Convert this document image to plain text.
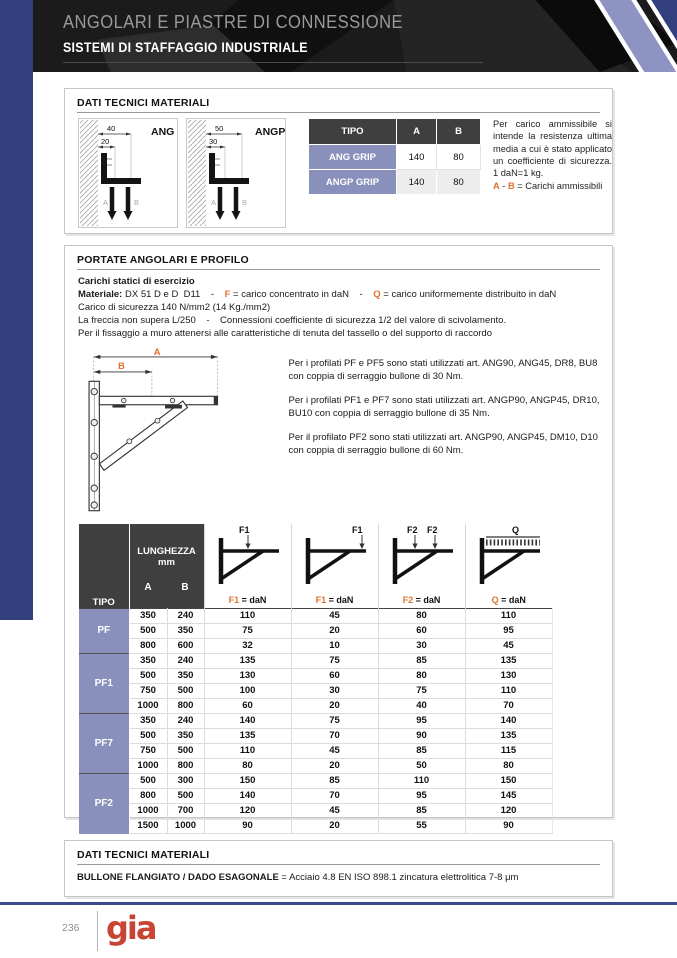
ANGOLARI E PIASTRE DI CONNESSIONE
SISTEMI DI STAFFAGGIO INDUSTRIALE
DATI TECNICI MATERIALI
40
20
ANG
A	B
50
30
ANGP
A	B
TIPO	A	B
ANG GRIP	140	80
ANGP GRIP	140	80
Per carico ammissibile si intende la resistenza ultima media a cui è stato applicato un coefficiente di sicurezza. 1 daN=1 kg.
A - B = Carichi ammissibili
PORTATE ANGOLARI E PROFILO
Carichi statici di esercizio
Materiale: DX 51 D e D  D11    -    F = carico concentrato in daN    -    Q = carico uniformemente distribuito in daN
Carico di sicurezza 140 N/mm2 (14 Kg./mm2)
La freccia non supera L/250    -    Connessioni coefficiente di sicurezza 1/2 del valore di scivolamento.
Per il fissaggio a muro attenersi alle caratteristiche di tenuta del tassello o del supporto di raccordo
A
B	Per i profilati PF e PF5 sono stati utilizzati art. ANG90, ANG45, DR8, BU8 con coppia di serraggio bullone di 30 Nm.

Per i profilati PF1 e PF7 sono stati utilizzati art. ANGP90, ANGP45, DR10, BU10 con coppia di serraggio bullone di 35 Nm.

Per il profilato PF2 sono stati utilizzati art. ANGP90, ANGP45, DM10, D10 con coppia di serraggio bullone di 60 Nm.

TIPO	
LUNGHEZZA
mm
A	B

F1
F1 = daN

F1
F1 = daN

F2 F2
F2 = daN

Q
Q = daN

PF	350	240	110	45	80	110
	500	350	75	20	60	95
	800	600	32	10	30	45
PF1	350	240	135	75	85	135
	500	350	130	60	80	130
	750	500	100	30	75	110
	1000	800	60	20	40	70
PF7	350	240	140	75	95	140
	500	350	135	70	90	135
	750	500	110	45	85	115
	1000	800	80	20	50	80
PF2	500	300	150	85	110	150
	800	500	140	70	95	145
	1000	700	120	45	85	120
	1500	1000	90	20	55	90
DATI TECNICI MATERIALI
BULLONE FLANGIATO / DADO ESAGONALE = Acciaio 4.8 EN ISO 898.1 zincatura elettrolitica 7-8 μm
236 gia
